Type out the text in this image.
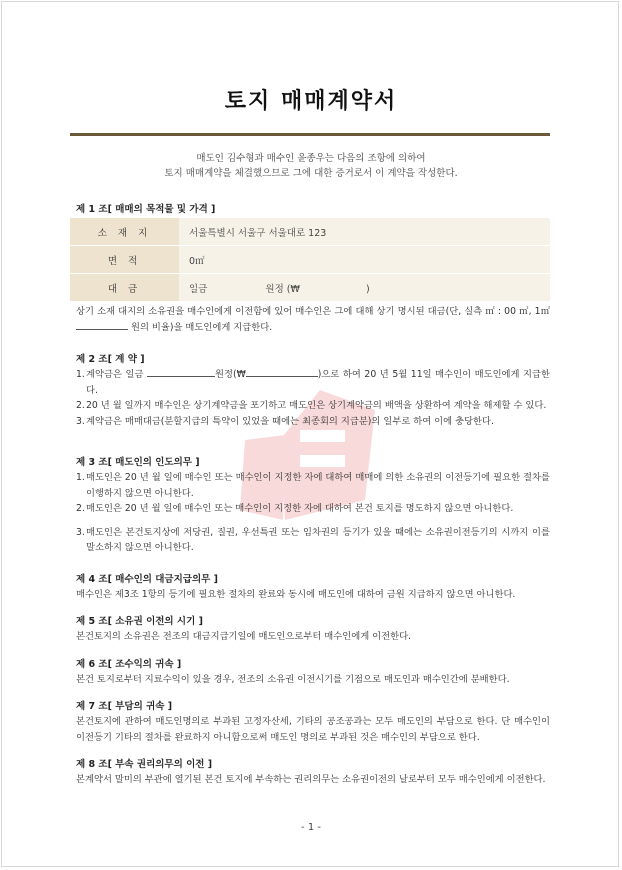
토지 매매계약서
매도인 김수형과 매수인 윤종우는 다음의 조항에 의하여
토지 매매계약을 체결했으므로 그에 대한 증거로서 이 계약을 작성한다.
제 1 조[ 매매의 목적물 및 가격 ]
소 재 지	서울특별시 서울구 서울대로 123
면 적	0㎡
대 금	일금 원정 (₩ )
상기 소재 대지의 소유권을 매수인에게 이전함에 있어 매수인은 그에 대해 상기 명시된 대금(단, 실측 ㎡ : 00 ㎡, 1㎡  원의 비율)을 매도인에게 지급한다.
제 2 조[ 계 약 ]
1. 계약금은 일금	원정(₩	)으로 하여 20 년 5월 11일 매수인이 매도인에게 지급한다.
2. 20 년 월 일까지 매수인은 상기계약금을 포기하고 매도인은 상기계약금의 배액을 상환하여 계약을 해제할 수 있다.
3. 계약금은 매매대금(분할지급의 특약이 있었을 때에는 최종회의 지급분)의 일부로 하여 이에 충당한다.
제 3 조[ 매도인의 인도의무 ]
1. 매도인은 20 년 월 일에 매수인 또는 매수인이 지정한 자에 대하여 매매에 의한 소유권의 이전등기에 필요한 절차를 이행하지 않으면 아니한다.
2. 매도인은 20 년 월 일에 매수인 또는 매수인이 지정한 자에 대하여 본건 토지를 명도하지 않으면 아니한다.
3. 매도인은 본건토지상에 저당권, 질권, 우선특권 또는 임차권의 등기가 있을 때에는 소유권이전등기의 시까지 이를 말소하지 않으면 아니한다.
제 4 조[ 매수인의 대금지급의무 ]
매수인은 제3조 1항의 등기에 필요한 절차의 완료와 동시에 매도인에 대하여 금원 지급하지 않으면 아니한다.
제 5 조[ 소유권 이전의 시기 ]
본건토지의 소유권은 전조의 대금지급기일에 매도인으로부터 매수인에게 이전한다.
제 6 조[ 조수익의 귀속 ]
본건 토지로부터 지료수익이 있을 경우, 전조의 소유권 이전시기를 기점으로 매도인과 매수인간에 분배한다.
제 7 조[ 부담의 귀속 ]
본건토지에 관하여 매도인명의로 부과된 고정자산세, 기타의 공조공과는 모두 매도인의 부담으로 한다. 단 매수인이 이전등기 기타의 절차를 완료하지 아니함으로써 매도인 명의로 부과된 것은 매수인의 부담으로 한다.
제 8 조[ 부속 권리의무의 이전 ]
본계약서 말미의 부관에 열기된 본건 토지에 부속하는 권리의무는 소유권이전의 날로부터 모두 매수인에게 이전한다.
- 1 -
